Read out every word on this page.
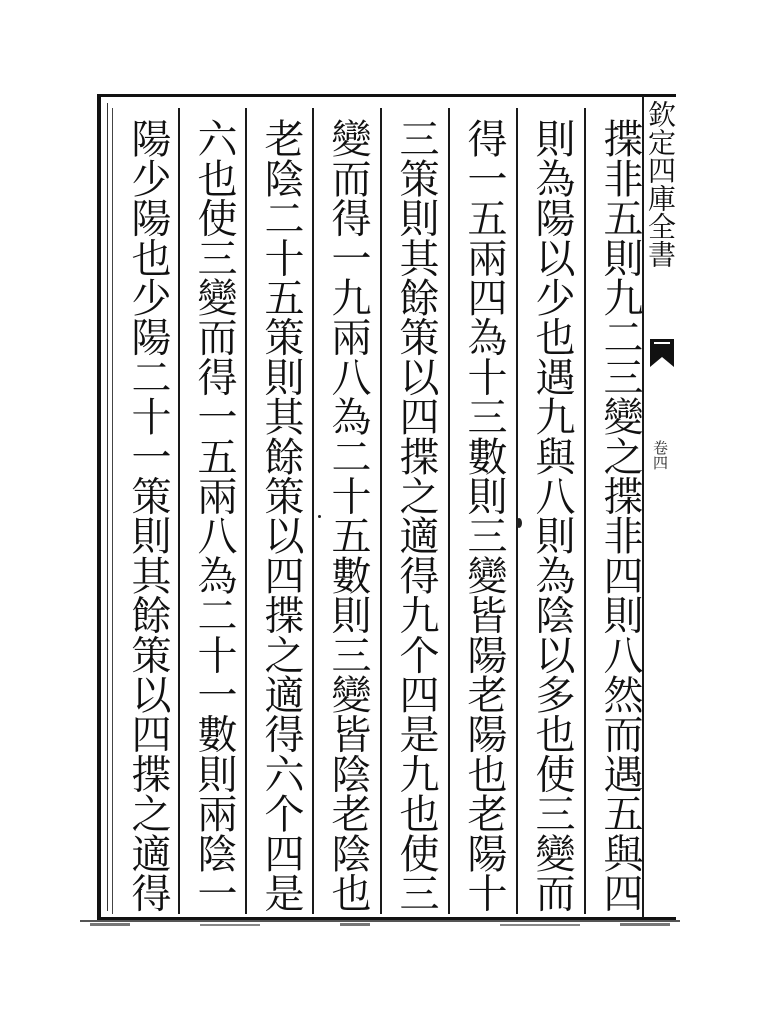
揲非五則九二三變之揲非四則八然而遇五與四

則為陽以少也遇九與八則為陰以多也使三變而

得一五兩四為十三數則三變皆陽老陽也老陽十

三策則其餘策以四揲之適得九个四是九也使三

變而得一九兩八為二十五數則三變皆陰老陰也

老陰二十五策則其餘策以四揲之適得六个四是

六也使三變而得一五兩八為二十一數則兩陰一

陽少陽也少陽二十一策則其餘策以四揲之適得	欽定四庫全書
卷四
